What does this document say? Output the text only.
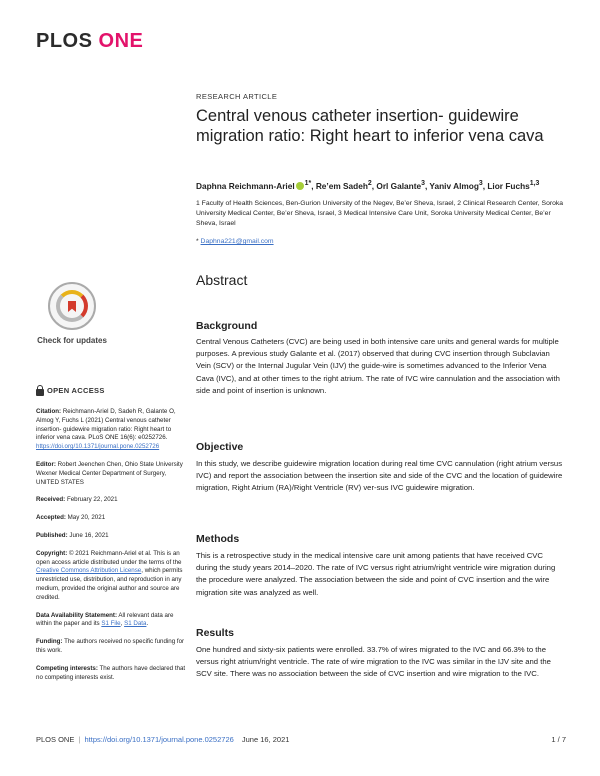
PLOS ONE
Check for updates
OPEN ACCESS

Citation: Reichmann-Ariel D, Sadeh R, Galante O, Almog Y, Fuchs L (2021) Central venous catheter insertion- guidewire migration ratio: Right heart to inferior vena cava. PLoS ONE 16(6): e0252726. https://doi.org/10.1371/journal.pone.0252726

Editor: Robert Jeenchen Chen, Ohio State University Wexner Medical Center Department of Surgery, UNITED STATES

Received: February 22, 2021

Accepted: May 20, 2021

Published: June 16, 2021

Copyright: © 2021 Reichmann-Ariel et al. This is an open access article distributed under the terms of the Creative Commons Attribution License, which permits unrestricted use, distribution, and reproduction in any medium, provided the original author and source are credited.

Data Availability Statement: All relevant data are within the paper and its S1 File, S1 Data.

Funding: The authors received no specific funding for this work.

Competing interests: The authors have declared that no competing interests exist.

RESEARCH ARTICLE
Central venous catheter insertion- guidewire migration ratio: Right heart to inferior vena cava
Daphna Reichmann-Ariel $^{1*}$, Re’em Sadeh$^2$, Orl Galante$^3$, Yaniv Almog$^3$, Lior Fuchs$^{1,3}$
1 Faculty of Health Sciences, Ben-Gurion University of the Negev, Be’er Sheva, Israel, 2 Clinical Research Center, Soroka University Medical Center, Be’er Sheva, Israel, 3 Medical Intensive Care Unit, Soroka University Medical Center, Be’er Sheva, Israel
* Daphna221@gmail.com
Abstract
Background

Central Venous Catheters (CVC) are being used in both intensive care units and general wards for multiple purposes. A previous study Galante et al. (2017) observed that during CVC insertion through Subclavian Vein (SCV) or the Internal Jugular Vein (IJV) the guide-wire is sometimes advanced to the Inferior Vena Cava (IVC), and at other times to the right atrium. The rate of IVC wire cannulation and the association with side and point of insertion is unknown.

Objective

In this study, we describe guidewire migration location during real time CVC cannulation (right atrium versus IVC) and report the association between the insertion site and side of the CVC and the location of guidewire migration, Right Atrium (RA)/Right Ventricle (RV) ver-sus IVC guidewire migration.

Methods

This is a retrospective study in the medical intensive care unit among patients that have received CVC during the study years 2014–2020. The rate of IVC versus right atrium/right ventricle wire migration during the procedure were analyzed. The association between the side and point of CVC insertion and the wire migration site was analyzed as well.

Results

One hundred and sixty-six patients were enrolled. 33.7% of wires migrated to the IVC and 66.3% to the versus right atrium/right ventricle. The rate of wire migration to the IVC was similar in the IJV site and the SCV site. There was no association between the side of CVC insertion and wire migration to the IVC.

PLOS ONE | https://doi.org/10.1371/journal.pone.0252726 June 16, 2021	1 / 7
